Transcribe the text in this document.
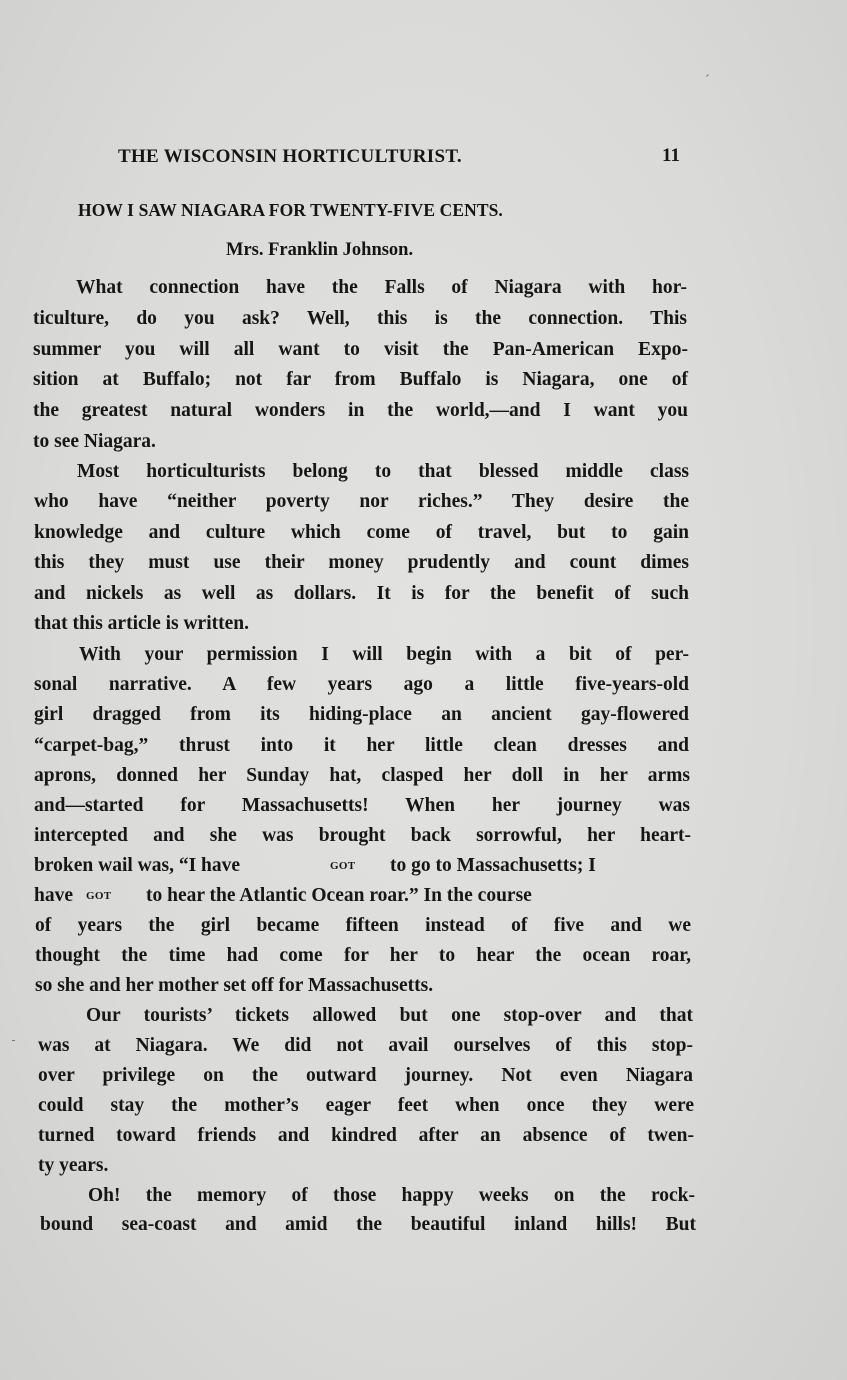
THE WISCONSIN HORTICULTURIST.	11
HOW I SAW NIAGARA FOR TWENTY-FIVE CENTS.
Mrs. Franklin Johnson.
What connection have the Falls of Niagara with hor-
ticulture, do you ask? Well, this is the connection. This
summer you will all want to visit the Pan-American Expo-
sition at Buffalo; not far from Buffalo is Niagara, one of
the greatest natural wonders in the world,—and I want you
to see Niagara.
Most horticulturists belong to that blessed middle class
who have “neither poverty nor riches.” They desire the
knowledge and culture which come of travel, but to gain
this they must use their money prudently and count dimes
and nickels as well as dollars. It is for the benefit of such
that this article is written.
With your permission I will begin with a bit of per-
sonal narrative. A few years ago a little five-years-old
girl dragged from its hiding-place an ancient gay-flowered
“carpet-bag,” thrust into it her little clean dresses and
aprons, donned her Sunday hat, clasped her doll in her arms
and—started for Massachusetts! When her journey was
intercepted and she was brought back sorrowful, her heart-
broken wail was, “I have	got to go to Massachusetts; I
have got to hear the Atlantic Ocean roar.” In the course
of years the girl became fifteen instead of five and we
thought the time had come for her to hear the ocean roar,
so she and her mother set off for Massachusetts.
Our tourists’ tickets allowed but one stop-over and that
was at Niagara. We did not avail ourselves of this stop-
over privilege on the outward journey. Not even Niagara
could stay the mother’s eager feet when once they were
turned toward friends and kindred after an absence of twen-
ty years.
Oh! the memory of those happy weeks on the rock-
bound sea-coast and amid the beautiful inland hills! But
